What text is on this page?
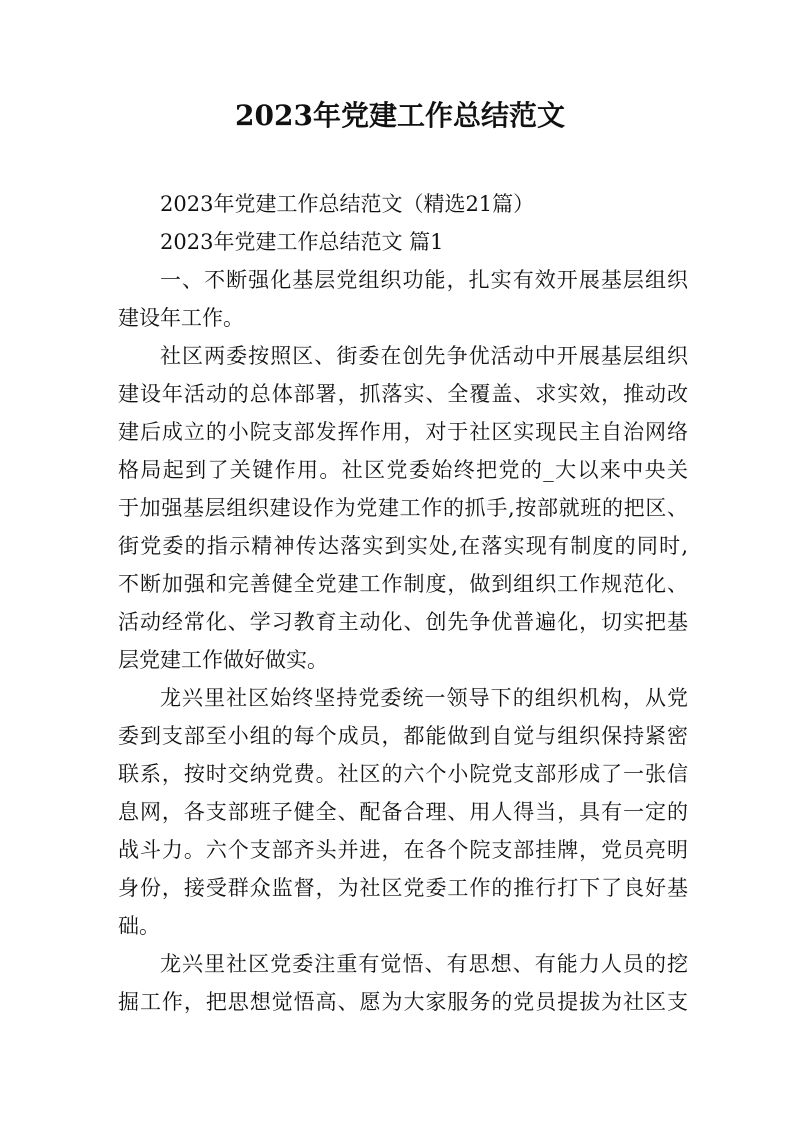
2023年党建工作总结范文
2023年党建工作总结范文（精选21篇）
2023年党建工作总结范文 篇1
一、不断强化基层党组织功能，扎实有效开展基层组织
建设年工作。
社区两委按照区、街委在创先争优活动中开展基层组织
建设年活动的总体部署，抓落实、全覆盖、求实效，推动改
建后成立的小院支部发挥作用，对于社区实现民主自治网络
格局起到了关键作用。社区党委始终把党的_大以来中央关
于加强基层组织建设作为党建工作的抓手,按部就班的把区、
街党委的指示精神传达落实到实处,在落实现有制度的同时,
不断加强和完善健全党建工作制度，做到组织工作规范化、
活动经常化、学习教育主动化、创先争优普遍化，切实把基
层党建工作做好做实。
龙兴里社区始终坚持党委统一领导下的组织机构，从党
委到支部至小组的每个成员，都能做到自觉与组织保持紧密
联系，按时交纳党费。社区的六个小院党支部形成了一张信
息网，各支部班子健全、配备合理、用人得当，具有一定的
战斗力。六个支部齐头并进，在各个院支部挂牌，党员亮明
身份，接受群众监督，为社区党委工作的推行打下了良好基
础。
龙兴里社区党委注重有觉悟、有思想、有能力人员的挖
掘工作，把思想觉悟高、愿为大家服务的党员提拔为社区支
